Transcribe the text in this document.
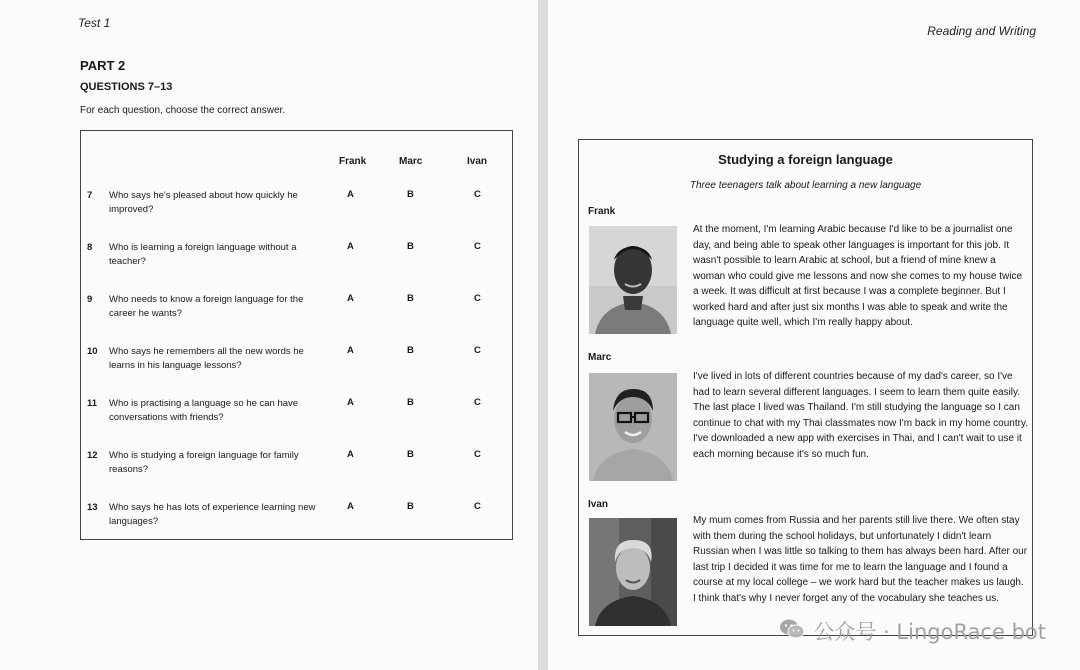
Test 1
PART 2
QUESTIONS 7–13
For each question, choose the correct answer.
Frank	Marc	Ivan
7 Who says he's pleased about how quickly he improved?
A	B	C
8 Who is learning a foreign language without a teacher?
A	B	C
9 Who needs to know a foreign language for the career he wants?
A	B	C
10 Who says he remembers all the new words he learns in his language lessons?
A	B	C
11 Who is practising a language so he can have conversations with friends?
A	B	C
12 Who is studying a foreign language for family reasons?
A	B	C
13 Who says he has lots of experience learning new languages?
A	B	C
Reading and Writing
Studying a foreign language
Three teenagers talk about learning a new language
Frank
At the moment, I'm learning Arabic because I'd like to be a journalist one day, and being able to speak other languages is important for this job. It wasn't possible to learn Arabic at school, but a friend of mine knew a woman who could give me lessons and now she comes to my house twice a week. It was difficult at first because I was a complete beginner. But I worked hard and after just six months I was able to speak and write the language quite well, which I'm really happy about.
Marc
I've lived in lots of different countries because of my dad's career, so I've had to learn several different languages. I seem to learn them quite easily. The last place I lived was Thailand. I'm still studying the language so I can continue to chat with my Thai classmates now I'm back in my home country. I've downloaded a new app with exercises in Thai, and I can't wait to use it each morning because it's so much fun.
Ivan
My mum comes from Russia and her parents still live there. We often stay with them during the school holidays, but unfortunately I didn't learn Russian when I was little so talking to them has always been hard. After our last trip I decided it was time for me to learn the language and I found a course at my local college – we work hard but the teacher makes us laugh. I think that's why I never forget any of the vocabulary she teaches us.
公众号 · LingoRace bot
